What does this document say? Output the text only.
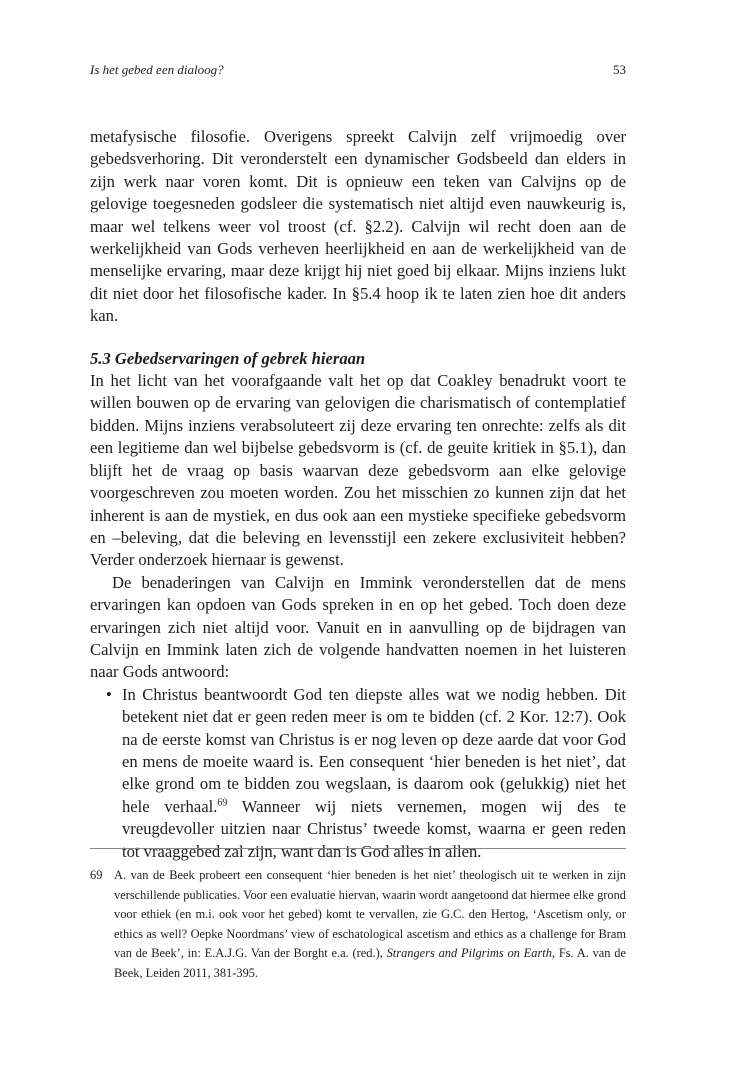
Is het gebed een dialoog?	53

metafysische filosofie. Overigens spreekt Calvijn zelf vrijmoedig over gebedsverhoring. Dit veronderstelt een dynamischer Godsbeeld dan elders in zijn werk naar voren komt. Dit is opnieuw een teken van Calvijns op de gelovige toegesneden godsleer die systematisch niet altijd even nauwkeurig is, maar wel telkens weer vol troost (cf. §2.2). Calvijn wil recht doen aan de werkelijkheid van Gods verheven heerlijkheid en aan de werkelijkheid van de menselijke ervaring, maar deze krijgt hij niet goed bij elkaar. Mijns inziens lukt dit niet door het filosofische kader. In §5.4 hoop ik te laten zien hoe dit anders kan.

5.3 Gebedservaringen of gebrek hieraan

In het licht van het voorafgaande valt het op dat Coakley benadrukt voort te willen bouwen op de ervaring van gelovigen die charismatisch of contemplatief bidden. Mijns inziens verabsoluteert zij deze ervaring ten onrechte: zelfs als dit een legitieme dan wel bijbelse gebedsvorm is (cf. de geuite kritiek in §5.1), dan blijft het de vraag op basis waarvan deze gebedsvorm aan elke gelovige voorgeschreven zou moeten worden. Zou het misschien zo kunnen zijn dat het inherent is aan de mystiek, en dus ook aan een mystieke specifieke gebedsvorm en –beleving, dat die beleving en levensstijl een zekere exclusiviteit hebben? Verder onderzoek hiernaar is gewenst.

De benaderingen van Calvijn en Immink veronderstellen dat de mens ervaringen kan opdoen van Gods spreken in en op het gebed. Toch doen deze ervaringen zich niet altijd voor. Vanuit en in aanvulling op de bijdragen van Calvijn en Immink laten zich de volgende handvatten noemen in het luisteren naar Gods antwoord:

• In Christus beantwoordt God ten diepste alles wat we nodig hebben. Dit betekent niet dat er geen reden meer is om te bidden (cf. 2 Kor. 12:7). Ook na de eerste komst van Christus is er nog leven op deze aarde dat voor God en mens de moeite waard is. Een consequent ‘hier beneden is het niet’, dat elke grond om te bidden zou wegslaan, is daarom ook (gelukkig) niet het hele verhaal.$^{69}$ Wanneer wij niets vernemen, mogen wij des te vreugdevoller uitzien naar Christus’ tweede komst, waarna er geen reden tot vraaggebed zal zijn, want dan is God alles in allen.
69 A. van de Beek probeert een consequent ‘hier beneden is het niet’ theologisch uit te werken in zijn verschillende publicaties. Voor een evaluatie hiervan, waarin wordt aangetoond dat hiermee elke grond voor ethiek (en m.i. ook voor het gebed) komt te vervallen, zie G.C. den Hertog, ‘Ascetism only, or ethics as well? Oepke Noordmans’ view of eschatological ascetism and ethics as a challenge for Bram van de Beek’, in: E.A.J.G. Van der Borght e.a. (red.), Strangers and Pilgrims on Earth, Fs. A. van de Beek, Leiden 2011, 381-395.
